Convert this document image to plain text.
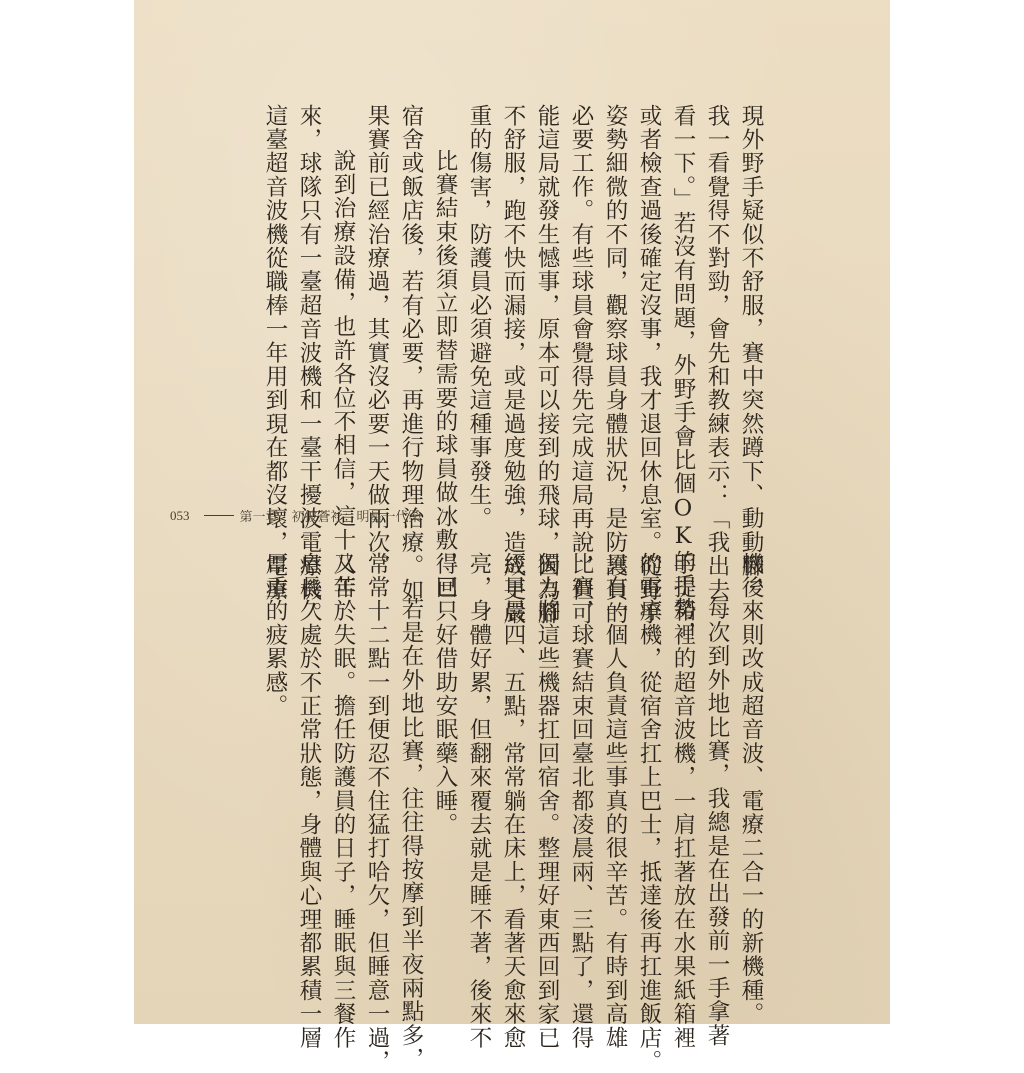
現外野手疑似不舒服，賽中突然蹲下、動動腳，

我一看覺得不對勁，會先和教練表示：「我出去

看一下。」若沒有問題，外野手會比個OK的手勢，

或者檢查過後確定沒事，我才退回休息室。從野手

姿勢細微的不同，觀察球員身體狀況，是防護員的

必要工作。有些球員會覺得先完成這局再說，但可

能這局就發生憾事，原本可以接到的飛球，因為腳

不舒服，跑不快而漏接，或是過度勉強，造成更嚴

重的傷害，防護員必須避免這種事發生。

比賽結束後須立即替需要的球員做冰敷，回

宿舍或飯店後，若有必要，再進行物理治療。如

果賽前已經治療過，其實沒必要一天做兩次。

說到治療設備，也許各位不相信，這十八年

來，球隊只有一臺超音波機和一臺干擾波電療機。

這臺超音波機從職棒一年用到現在都沒壞，電療

機後來則改成超音波、電療二合一的新機種。

每次到外地比賽，我總是在出發前一手拿著

手提箱裡的超音波機，一肩扛著放在水果紙箱裡

的電療機，從宿舍扛上巴士，抵達後再扛進飯店。

只有一個人負責這些事真的很辛苦。有時到高雄

比賽，球賽結束回臺北都凌晨兩、三點了，還得

獨力將這些機器扛回宿舍。整理好東西回到家已

經早晨四、五點，常常躺在床上，看著天愈來愈

亮，身體好累，但翻來覆去就是睡不著，後來不

得已只好借助安眠藥入睡。

若是在外地比賽，往往得按摩到半夜兩點多，

常常十二點一到便忍不住猛打哈欠，但睡意一過，

又苦於失眠。擔任防護員的日子，睡眠與三餐作

息長久處於不正常狀態，身體與心理都累積一層

厚重的疲累感。

053	第一章　初披蒼衫：明星一代桑
